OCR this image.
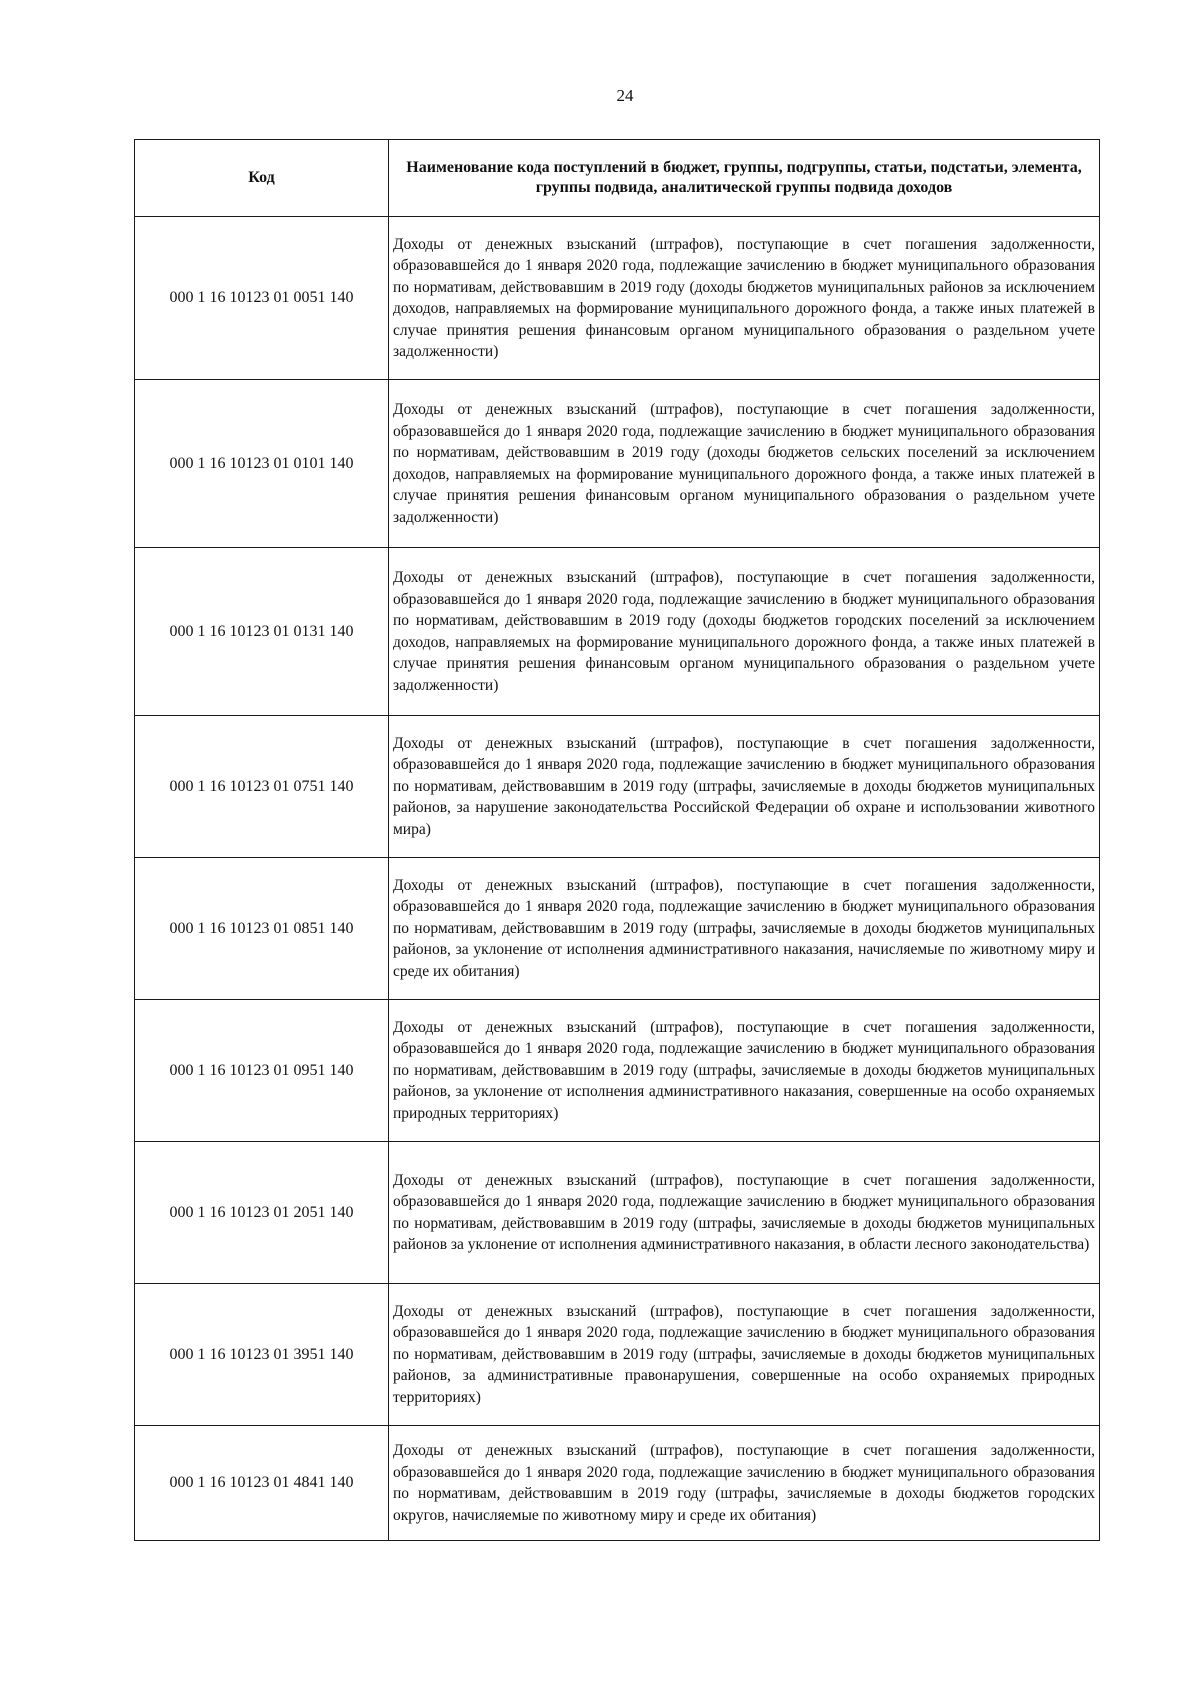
24
Код	Наименование кода поступлений в бюджет, группы, подгруппы, статьи, подстатьи, элемента, группы подвида, аналитической группы подвида доходов
000 1 16 10123 01 0051 140	Доходы от денежных взысканий (штрафов), поступающие в счет погашения задолженности, образовавшейся до 1 января 2020 года, подлежащие зачислению в бюджет муниципального образования по нормативам, действовавшим в 2019 году (доходы бюджетов муниципальных районов за исключением доходов, направляемых на формирование муниципального дорожного фонда, а также иных платежей в случае принятия решения финансовым органом муниципального образования о раздельном учете задолженности)
000 1 16 10123 01 0101 140	Доходы от денежных взысканий (штрафов), поступающие в счет погашения задолженности, образовавшейся до 1 января 2020 года, подлежащие зачислению в бюджет муниципального образования по нормативам, действовавшим в 2019 году (доходы бюджетов сельских поселений за исключением доходов, направляемых на формирование муниципального дорожного фонда, а также иных платежей в случае принятия решения финансовым органом муниципального образования о раздельном учете задолженности)
000 1 16 10123 01 0131 140	Доходы от денежных взысканий (штрафов), поступающие в счет погашения задолженности, образовавшейся до 1 января 2020 года, подлежащие зачислению в бюджет муниципального образования по нормативам, действовавшим в 2019 году (доходы бюджетов городских поселений за исключением доходов, направляемых на формирование муниципального дорожного фонда, а также иных платежей в случае принятия решения финансовым органом муниципального образования о раздельном учете задолженности)
000 1 16 10123 01 0751 140	Доходы от денежных взысканий (штрафов), поступающие в счет погашения задолженности, образовавшейся до 1 января 2020 года, подлежащие зачислению в бюджет муниципального образования по нормативам, действовавшим в 2019 году (штрафы, зачисляемые в доходы бюджетов муниципальных районов, за нарушение законодательства Российской Федерации об охране и использовании животного мира)
000 1 16 10123 01 0851 140	Доходы от денежных взысканий (штрафов), поступающие в счет погашения задолженности, образовавшейся до 1 января 2020 года, подлежащие зачислению в бюджет муниципального образования по нормативам, действовавшим в 2019 году (штрафы, зачисляемые в доходы бюджетов муниципальных районов, за уклонение от исполнения административного наказания, начисляемые по животному миру и среде их обитания)
000 1 16 10123 01 0951 140	Доходы от денежных взысканий (штрафов), поступающие в счет погашения задолженности, образовавшейся до 1 января 2020 года, подлежащие зачислению в бюджет муниципального образования по нормативам, действовавшим в 2019 году (штрафы, зачисляемые в доходы бюджетов муниципальных районов, за уклонение от исполнения административного наказания, совершенные на особо охраняемых природных территориях)
000 1 16 10123 01 2051 140	Доходы от денежных взысканий (штрафов), поступающие в счет погашения задолженности, образовавшейся до 1 января 2020 года, подлежащие зачислению в бюджет муниципального образования по нормативам, действовавшим в 2019 году (штрафы, зачисляемые в доходы бюджетов муниципальных районов за уклонение от исполнения административного наказания, в области лесного законодательства)
000 1 16 10123 01 3951 140	Доходы от денежных взысканий (штрафов), поступающие в счет погашения задолженности, образовавшейся до 1 января 2020 года, подлежащие зачислению в бюджет муниципального образования по нормативам, действовавшим в 2019 году (штрафы, зачисляемые в доходы бюджетов муниципальных районов, за административные правонарушения, совершенные на особо охраняемых природных территориях)
000 1 16 10123 01 4841 140	Доходы от денежных взысканий (штрафов), поступающие в счет погашения задолженности, образовавшейся до 1 января 2020 года, подлежащие зачислению в бюджет муниципального образования по нормативам, действовавшим в 2019 году (штрафы, зачисляемые в доходы бюджетов городских округов, начисляемые по животному миру и среде их обитания)
